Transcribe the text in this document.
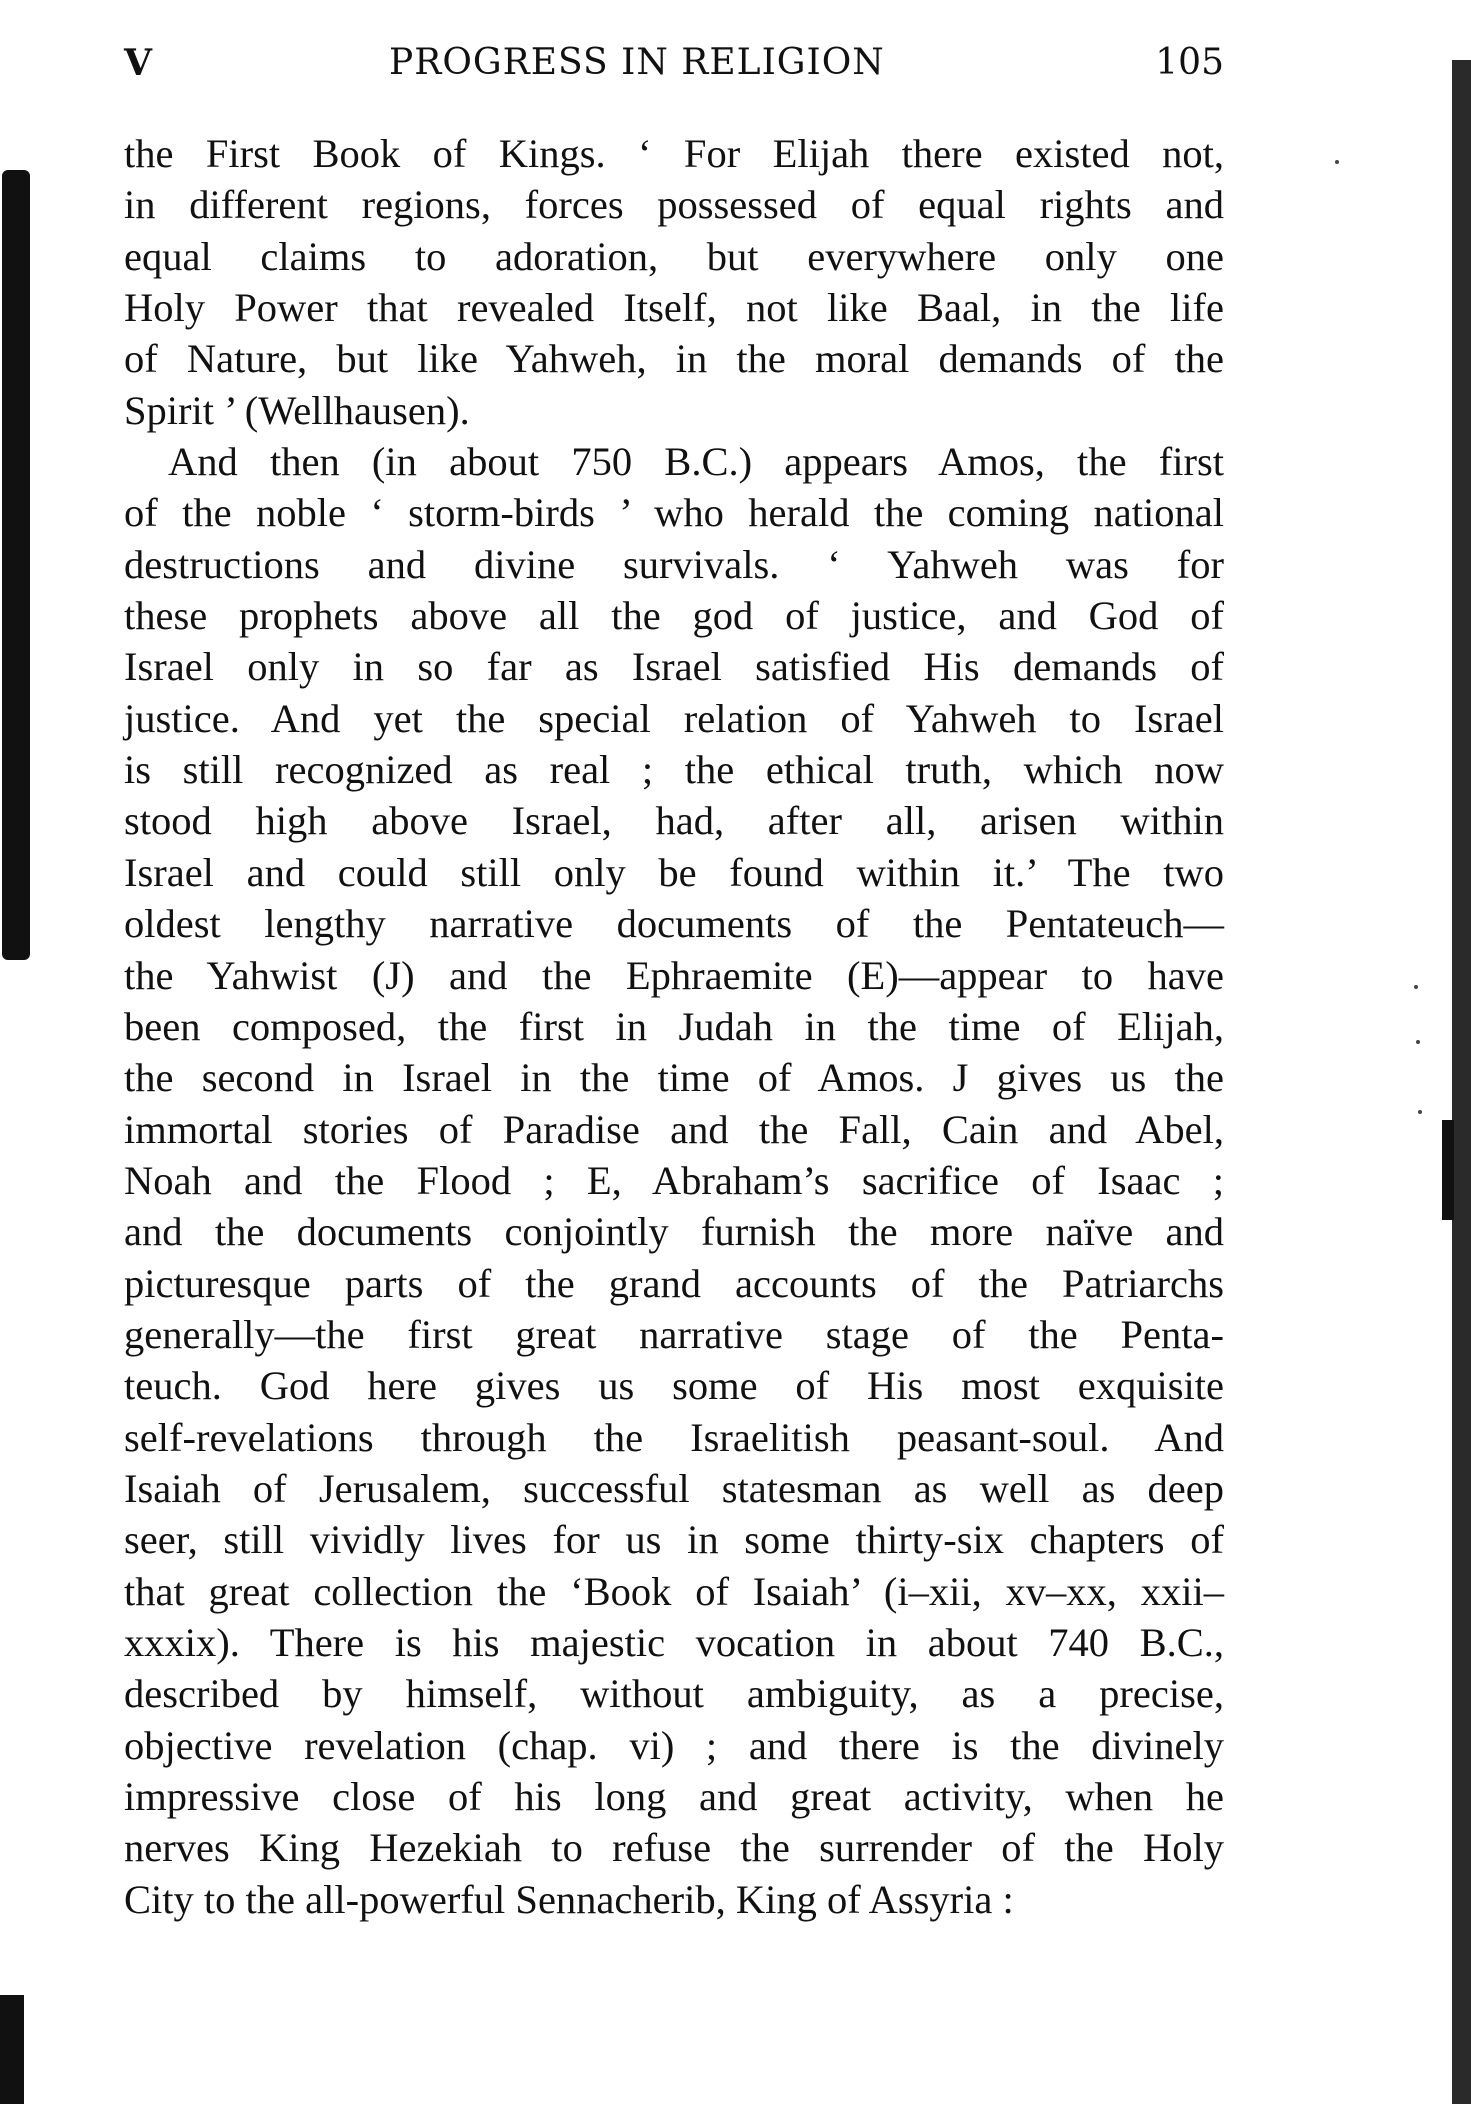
V	PROGRESS IN RELIGION	105
the First Book of Kings. ‘ For Elijah there existed not,
in different regions, forces possessed of equal rights and
equal claims to adoration, but everywhere only one
Holy Power that revealed Itself, not like Baal, in the life
of Nature, but like Yahweh, in the moral demands of the
Spirit ’ (Wellhausen).
And then (in about 750 B.C.) appears Amos, the first
of the noble ‘ storm-birds ’ who herald the coming national
destructions and divine survivals. ‘ Yahweh was for
these prophets above all the god of justice, and God of
Israel only in so far as Israel satisfied His demands of
justice. And yet the special relation of Yahweh to Israel
is still recognized as real ; the ethical truth, which now
stood high above Israel, had, after all, arisen within
Israel and could still only be found within it.’ The two
oldest lengthy narrative documents of the Pentateuch—
the Yahwist (J) and the Ephraemite (E)—appear to have
been composed, the first in Judah in the time of Elijah,
the second in Israel in the time of Amos. J gives us the
immortal stories of Paradise and the Fall, Cain and Abel,
Noah and the Flood ; E, Abraham’s sacrifice of Isaac ;
and the documents conjointly furnish the more naïve and
picturesque parts of the grand accounts of the Patriarchs
generally—the first great narrative stage of the Penta-
teuch. God here gives us some of His most exquisite
self-revelations through the Israelitish peasant-soul. And
Isaiah of Jerusalem, successful statesman as well as deep
seer, still vividly lives for us in some thirty-six chapters of
that great collection the ‘Book of Isaiah’ (i–xii, xv–xx, xxii–
xxxix). There is his majestic vocation in about 740 B.C.,
described by himself, without ambiguity, as a precise,
objective revelation (chap. vi) ; and there is the divinely
impressive close of his long and great activity, when he
nerves King Hezekiah to refuse the surrender of the Holy
City to the all-powerful Sennacherib, King of Assyria :
